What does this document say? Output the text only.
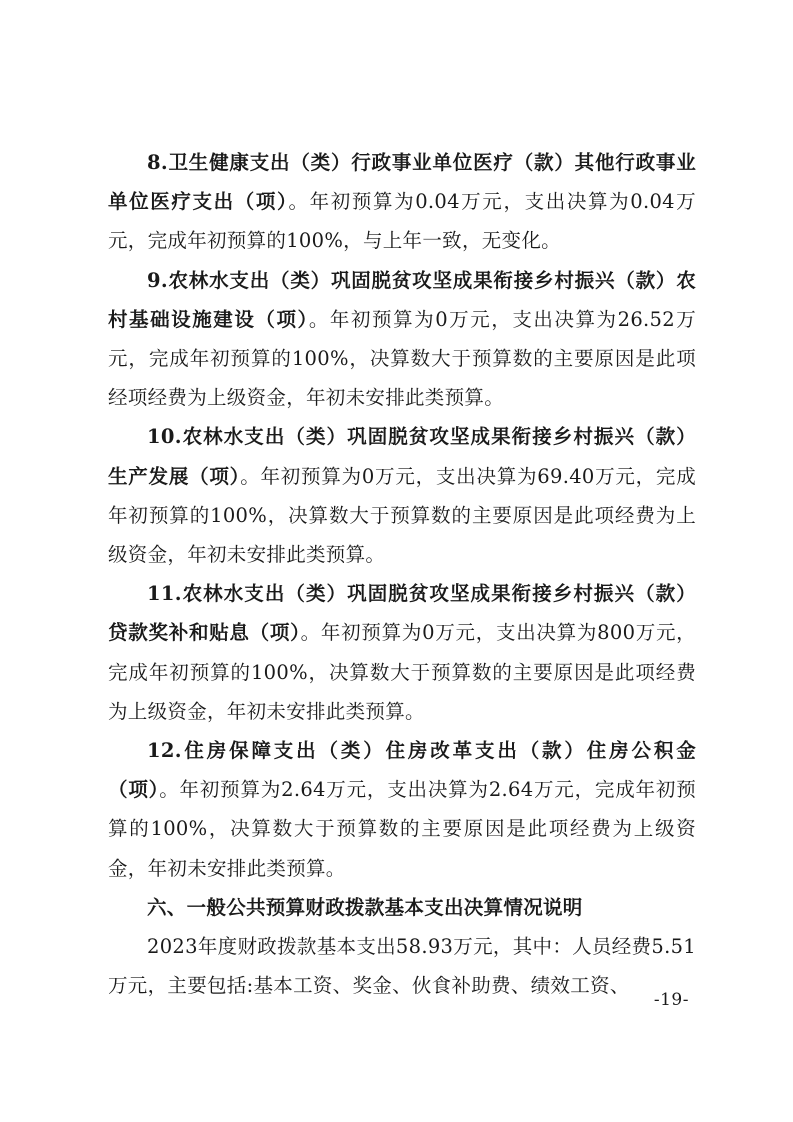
8.卫生健康支出（类）行政事业单位医疗（款）其他行政事业单位医疗支出（项）。年初预算为0.04万元，支出决算为0.04万元，完成年初预算的100%，与上年一致，无变化。

9.农林水支出（类）巩固脱贫攻坚成果衔接乡村振兴（款）农村基础设施建设（项）。年初预算为0万元，支出决算为26.52万元，完成年初预算的100%，决算数大于预算数的主要原因是此项经项经费为上级资金，年初未安排此类预算。

10.农林水支出（类）巩固脱贫攻坚成果衔接乡村振兴（款）生产发展（项）。年初预算为0万元，支出决算为69.40万元，完成年初预算的100%，决算数大于预算数的主要原因是此项经费为上级资金，年初未安排此类预算。

11.农林水支出（类）巩固脱贫攻坚成果衔接乡村振兴（款）贷款奖补和贴息（项）。年初预算为0万元，支出决算为800万元，完成年初预算的100%，决算数大于预算数的主要原因是此项经费为上级资金，年初未安排此类预算。

12.住房保障支出（类）住房改革支出（款）住房公积金（项）。年初预算为2.64万元，支出决算为2.64万元，完成年初预算的100%，决算数大于预算数的主要原因是此项经费为上级资金，年初未安排此类预算。

六、一般公共预算财政拨款基本支出决算情况说明

2023年度财政拨款基本支出58.93万元，其中：人员经费5.51万元，主要包括:基本工资、奖金、伙食补助费、绩效工资、

-19-
